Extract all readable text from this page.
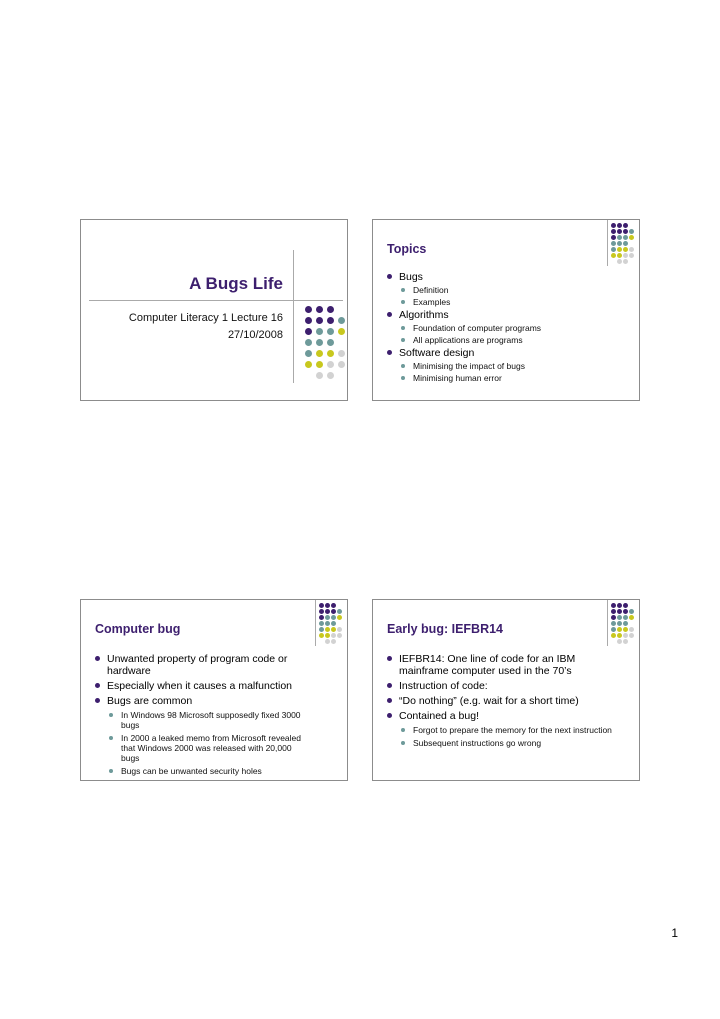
A Bugs Life
Computer Literacy 1 Lecture 16
27/10/2008
Topics
Bugs
Definition
Examples
Algorithms
Foundation of computer programs
All applications are programs
Software design
Minimising the impact of bugs
Minimising human error
Computer bug
Unwanted property of program code or hardware
Especially when it causes a malfunction
Bugs are common
In Windows 98 Microsoft supposedly fixed 3000 bugs
In 2000 a leaked memo from Microsoft revealed that Windows 2000 was released with 20,000 bugs
Bugs can be unwanted security holes
Early bug: IEFBR14
IEFBR14: One line of code for an IBM mainframe computer used in the 70’s
Instruction of code:
“Do nothing” (e.g. wait for a short time)
Contained a bug!
Forgot to prepare the memory for the next instruction
Subsequent instructions go wrong
1
